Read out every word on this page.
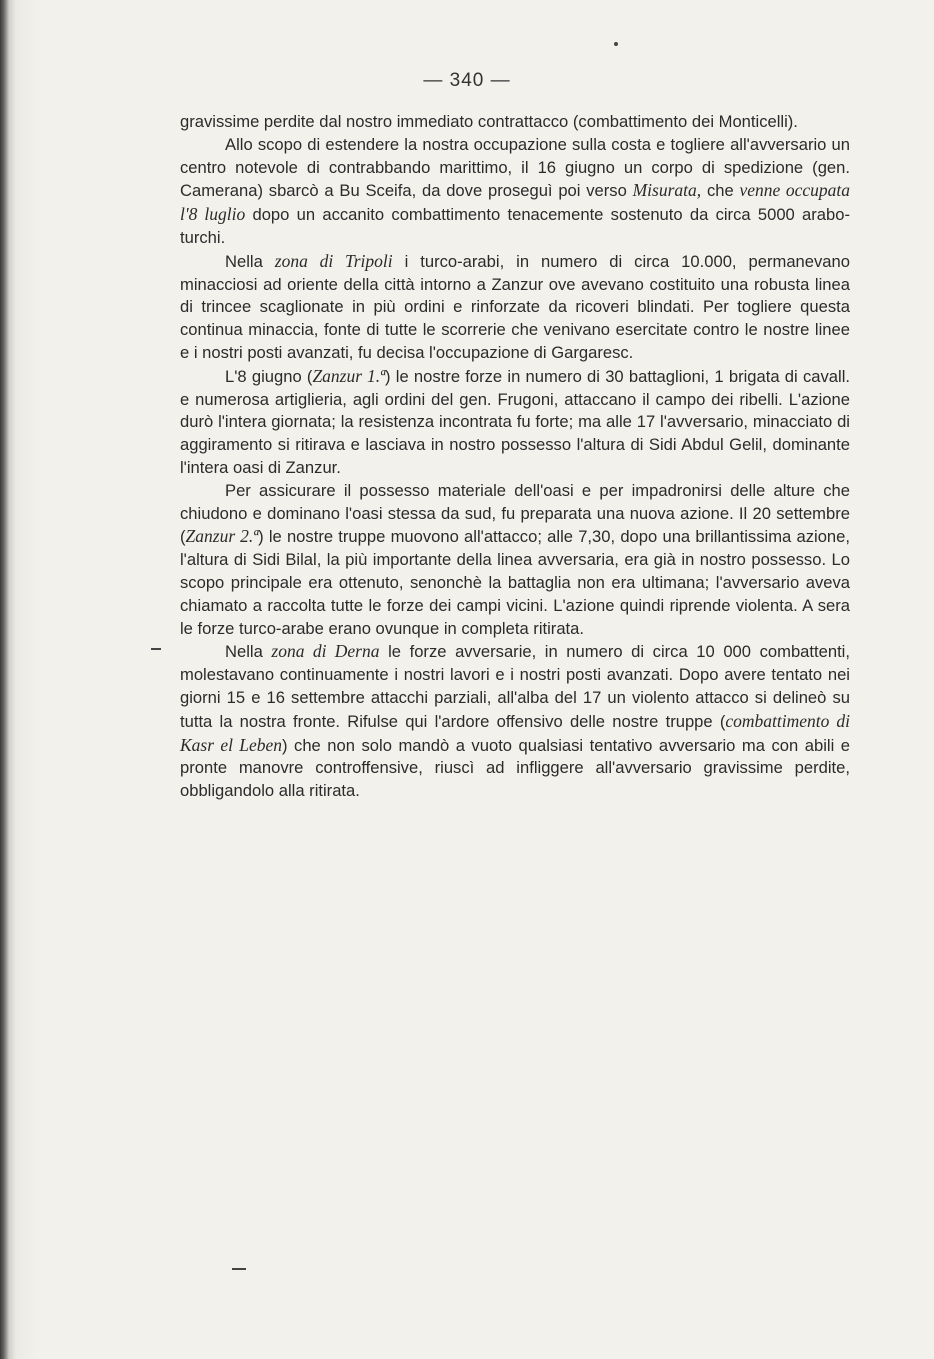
— 340 —

gravissime perdite dal nostro immediato contrattacco (combattimento dei Monticelli).

Allo scopo di estendere la nostra occupazione sulla costa e togliere all'avversario un centro notevole di contrabbando marittimo, il 16 giugno un corpo di spedizione (gen. Camerana) sbarcò a Bu Sceifa, da dove proseguì poi verso Misurata, che venne occupata l'8 luglio dopo un accanito combattimento tenacemente sostenuto da circa 5000 arabo-turchi.

Nella zona di Tripoli i turco-arabi, in numero di circa 10.000, permanevano minacciosi ad oriente della città intorno a Zanzur ove avevano costituito una robusta linea di trincee scaglionate in più ordini e rinforzate da ricoveri blindati. Per togliere questa continua minaccia, fonte di tutte le scorrerie che venivano esercitate contro le nostre linee e i nostri posti avanzati, fu decisa l'occupazione di Gargaresc.

L'8 giugno (Zanzur 1.ª) le nostre forze in numero di 30 battaglioni, 1 brigata di cavall. e numerosa artiglieria, agli ordini del gen. Frugoni, attaccano il campo dei ribelli. L'azione durò l'intera giornata; la resistenza incontrata fu forte; ma alle 17 l'avversario, minacciato di aggiramento si ritirava e lasciava in nostro possesso l'altura di Sidi Abdul Gelil, dominante l'intera oasi di Zanzur.

Per assicurare il possesso materiale dell'oasi e per impadronirsi delle alture che chiudono e dominano l'oasi stessa da sud, fu preparata una nuova azione. Il 20 settembre (Zanzur 2.ª) le nostre truppe muovono all'attacco; alle 7,30, dopo una brillantissima azione, l'altura di Sidi Bilal, la più importante della linea avversaria, era già in nostro possesso. Lo scopo principale era ottenuto, senonchè la battaglia non era ultimana; l'avversario aveva chiamato a raccolta tutte le forze dei campi vicini. L'azione quindi riprende violenta. A sera le forze turco-arabe erano ovunque in completa ritirata.

Nella zona di Derna le forze avversarie, in numero di circa 10 000 combattenti, molestavano continuamente i nostri lavori e i nostri posti avanzati. Dopo avere tentato nei giorni 15 e 16 settembre attacchi parziali, all'alba del 17 un violento attacco si delineò su tutta la nostra fronte. Rifulse qui l'ardore offensivo delle nostre truppe (combattimento di Kasr el Leben) che non solo mandò a vuoto qualsiasi tentativo avversario ma con abili e pronte manovre controffensive, riuscì ad infliggere all'avversario gravissime perdite, obbligandolo alla ritirata.
